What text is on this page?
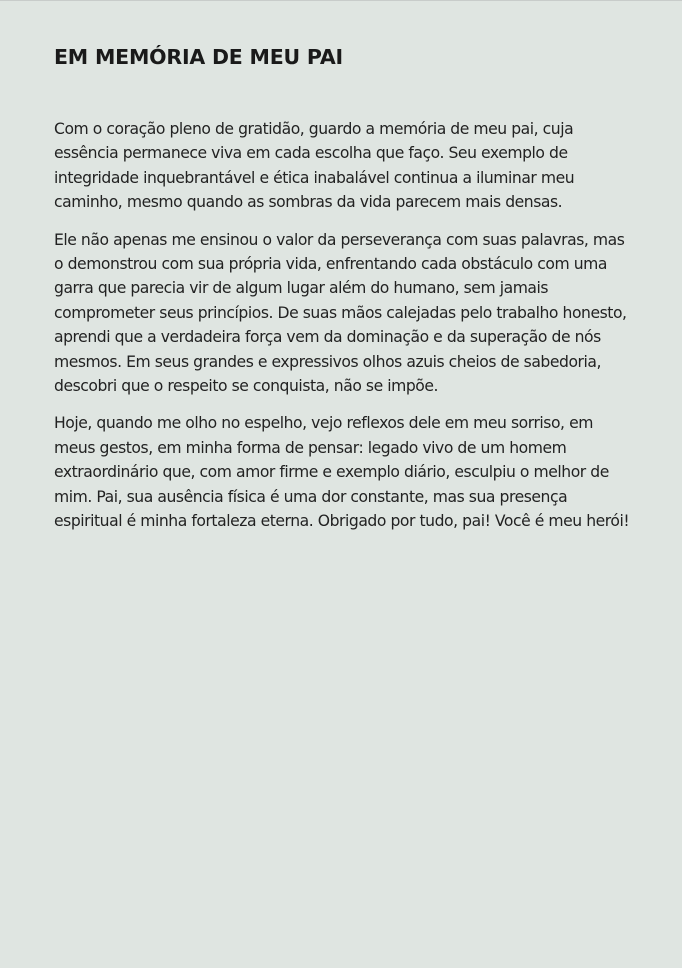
EM MEMÓRIA DE MEU PAI

Com o coração pleno de gratidão, guardo a memória de meu pai, cuja essência permanece viva em cada escolha que faço. Seu exemplo de integridade inquebrantável e ética inabalável continua a iluminar meu caminho, mesmo quando as sombras da vida parecem mais densas.

Ele não apenas me ensinou o valor da perseverança com suas palavras, mas o demonstrou com sua própria vida, enfrentando cada obstáculo com uma garra que parecia vir de algum lugar além do humano, sem jamais comprometer seus princípios. De suas mãos calejadas pelo trabalho honesto, aprendi que a verdadeira força vem da dominação e da superação de nós mesmos. Em seus grandes e expressivos olhos azuis cheios de sabedoria, descobri que o respeito se conquista, não se impõe.

Hoje, quando me olho no espelho, vejo reflexos dele em meu sorriso, em meus gestos, em minha forma de pensar: legado vivo de um homem extraordinário que, com amor firme e exemplo diário, esculpiu o melhor de mim. Pai, sua ausência física é uma dor constante, mas sua presença espiritual é minha fortaleza eterna. Obrigado por tudo, pai! Você é meu herói!
